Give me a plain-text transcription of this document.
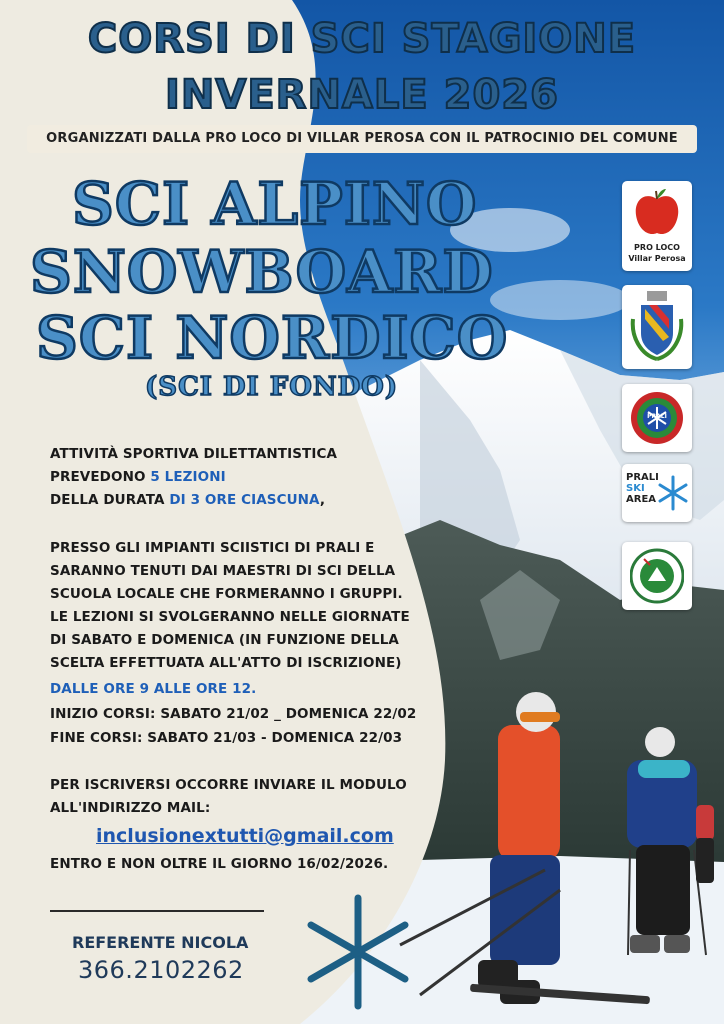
CORSI DI SCI STAGIONE
INVERNALE 2026
ORGANIZZATI DALLA PRO LOCO DI VILLAR PEROSA CON IL PATROCINIO DEL COMUNE
SCI ALPINO
SNOWBOARD
SCI NORDICO
(SCI DI FONDO)
ATTIVITÀ SPORTIVA DILETTANTISTICA
PREVEDONO 5 LEZIONI
DELLA DURATA DI 3 ORE CIASCUNA,
PRESSO GLI IMPIANTI SCIISTICI DI PRALI E
SARANNO TENUTI DAI MAESTRI DI SCI DELLA
SCUOLA LOCALE CHE FORMERANNO I GRUPPI.
LE LEZIONI SI SVOLGERANNO NELLE GIORNATE
DI SABATO E DOMENICA (IN FUNZIONE DELLA
SCELTA EFFETTUATA ALL'ATTO DI ISCRIZIONE)
DALLE ORE 9 ALLE ORE 12.
INIZIO CORSI: SABATO 21/02 _ DOMENICA 22/02
FINE CORSI: SABATO 21/03 - DOMENICA 22/03
PER ISCRIVERSI OCCORRE INVIARE IL MODULO
ALL'INDIRIZZO MAIL:
inclusionextutti@gmail.com
ENTRO E NON OLTRE IL GIORNO 16/02/2026.
REFERENTE NICOLA
366.2102262
PRO LOCO
Villar Perosa
PRALI
PRALI
SKI
AREA
